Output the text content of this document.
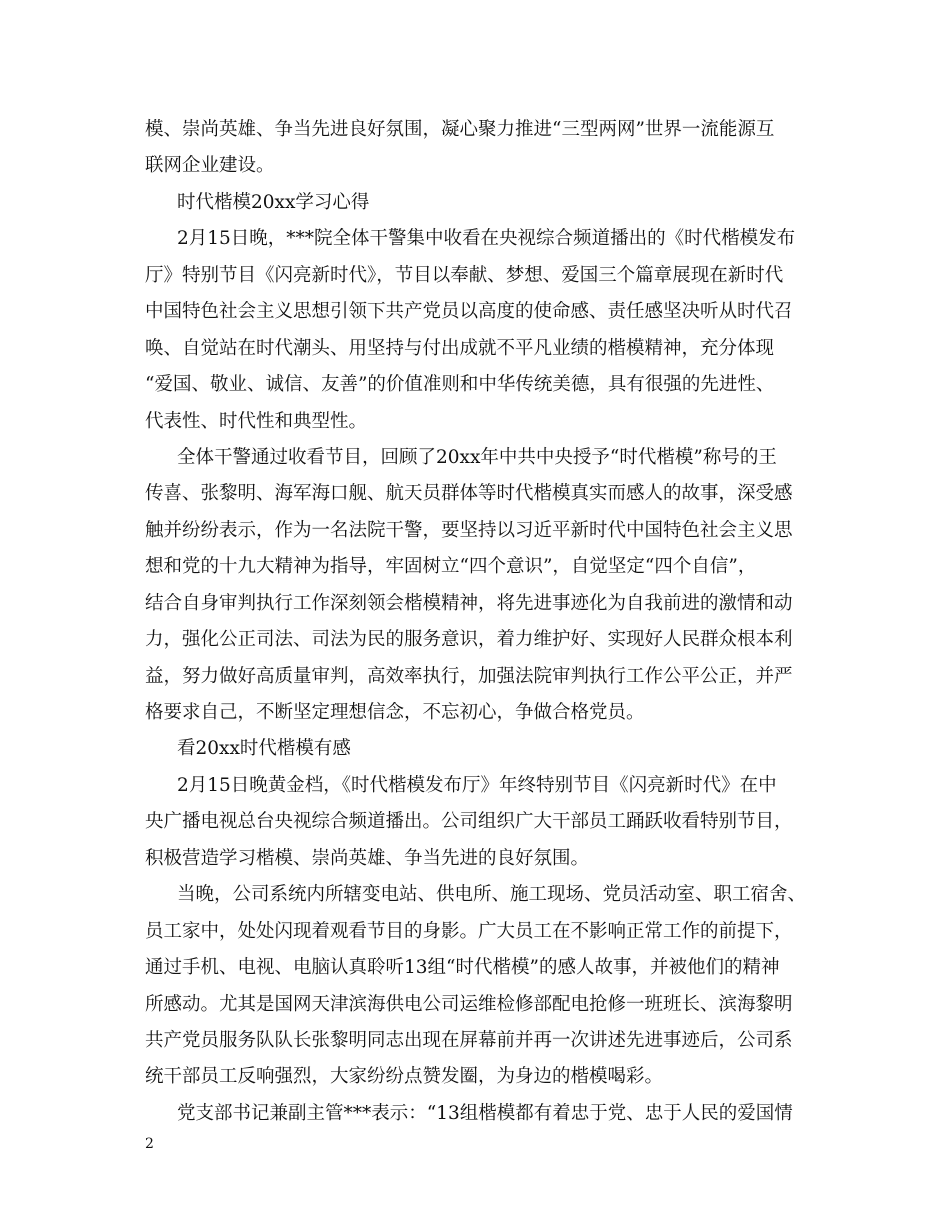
模、崇尚英雄、争当先进良好氛围，凝心聚力推进“三型两网”世界一流能源互
联网企业建设。
时代楷模20xx学习心得
2月15日晚，***院全体干警集中收看在央视综合频道播出的《时代楷模发布
厅》特别节目《闪亮新时代》，节目以奉献、梦想、爱国三个篇章展现在新时代
中国特色社会主义思想引领下共产党员以高度的使命感、责任感坚决听从时代召
唤、自觉站在时代潮头、用坚持与付出成就不平凡业绩的楷模精神，充分体现
“爱国、敬业、诚信、友善”的价值准则和中华传统美德，具有很强的先进性、
代表性、时代性和典型性。
全体干警通过收看节目，回顾了20xx年中共中央授予“时代楷模”称号的王
传喜、张黎明、海军海口舰、航天员群体等时代楷模真实而感人的故事，深受感
触并纷纷表示，作为一名法院干警，要坚持以习近平新时代中国特色社会主义思
想和党的十九大精神为指导，牢固树立“四个意识”，自觉坚定“四个自信”，
结合自身审判执行工作深刻领会楷模精神，将先进事迹化为自我前进的激情和动
力，强化公正司法、司法为民的服务意识，着力维护好、实现好人民群众根本利
益，努力做好高质量审判，高效率执行，加强法院审判执行工作公平公正，并严
格要求自己，不断坚定理想信念，不忘初心，争做合格党员。
看20xx时代楷模有感
2月15日晚黄金档，《时代楷模发布厅》年终特别节目《闪亮新时代》在中
央广播电视总台央视综合频道播出。公司组织广大干部员工踊跃收看特别节目，
积极营造学习楷模、崇尚英雄、争当先进的良好氛围。
当晚，公司系统内所辖变电站、供电所、施工现场、党员活动室、职工宿舍、
员工家中，处处闪现着观看节目的身影。广大员工在不影响正常工作的前提下，
通过手机、电视、电脑认真聆听13组“时代楷模”的感人故事，并被他们的精神
所感动。尤其是国网天津滨海供电公司运维检修部配电抢修一班班长、滨海黎明
共产党员服务队队长张黎明同志出现在屏幕前并再一次讲述先进事迹后，公司系
统干部员工反响强烈，大家纷纷点赞发圈，为身边的楷模喝彩。
党支部书记兼副主管***表示：“13组楷模都有着忠于党、忠于人民的爱国情
2
